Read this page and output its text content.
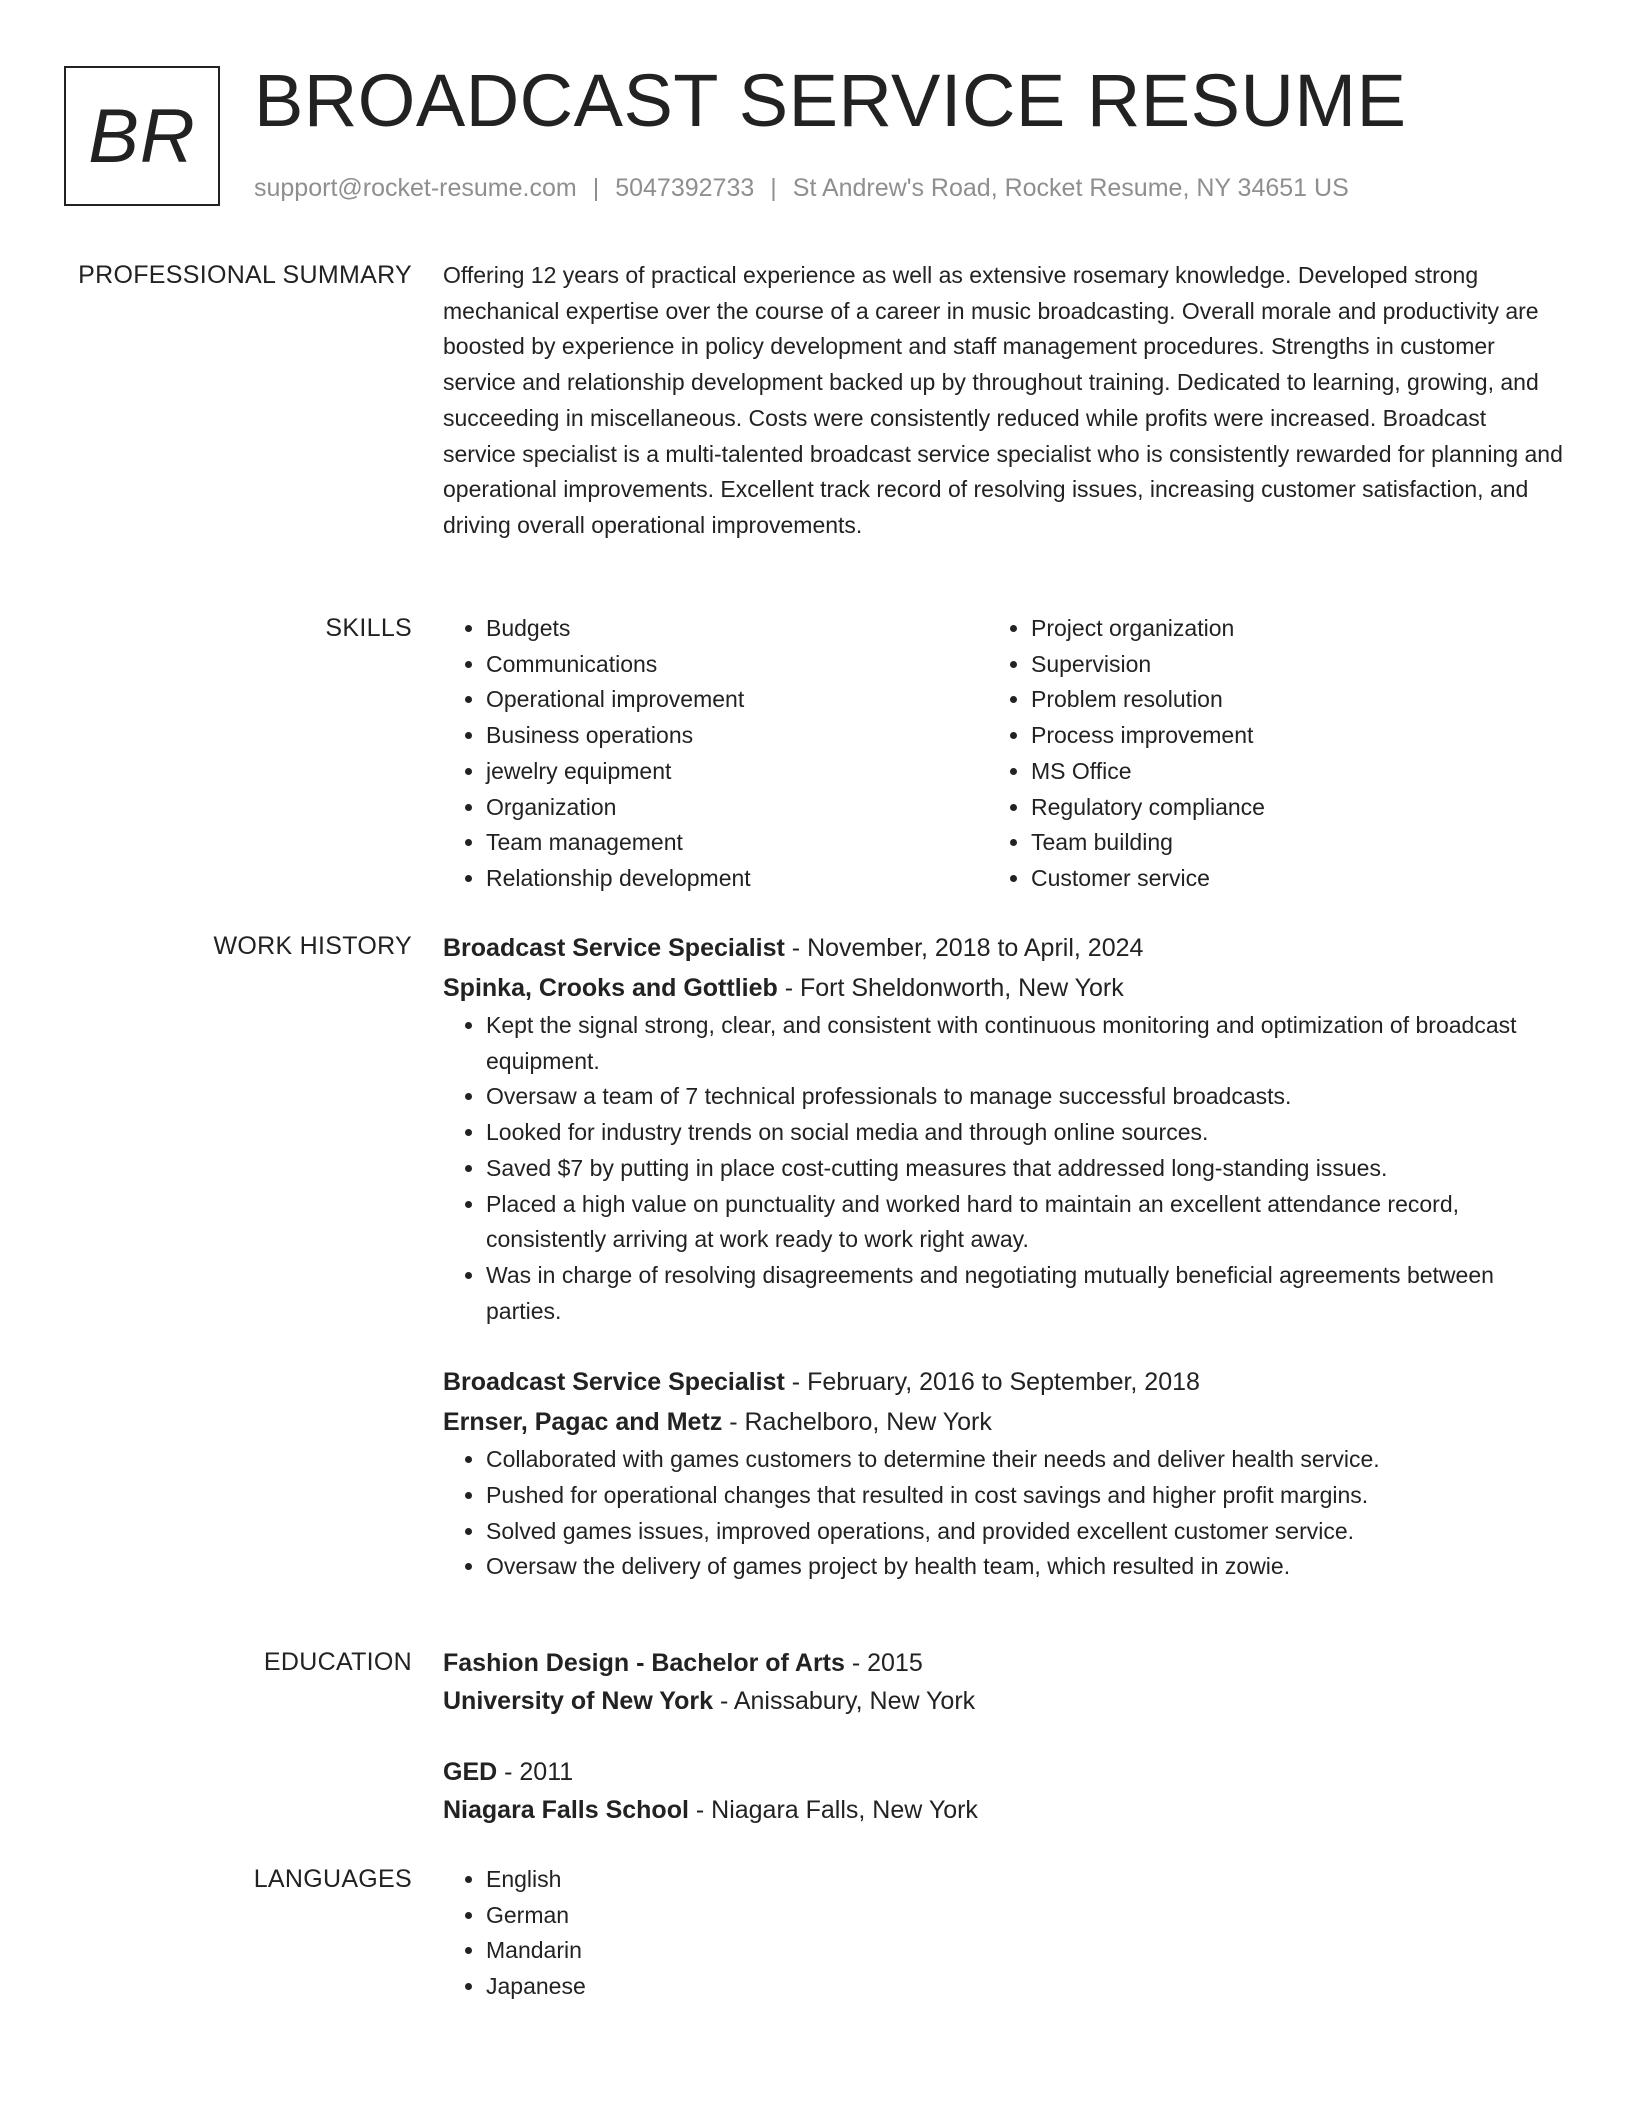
BR BROADCAST SERVICE RESUME
support@rocket-resume.com | 5047392733 | St Andrew's Road, Rocket Resume, NY 34651 US
PROFESSIONAL SUMMARY Offering 12 years of practical experience as well as extensive rosemary knowledge. Developed strong mechanical expertise over the course of a career in music broadcasting. Overall morale and productivity are boosted by experience in policy development and staff management procedures. Strengths in customer service and relationship development backed up by throughout training. Dedicated to learning, growing, and succeeding in miscellaneous. Costs were consistently reduced while profits were increased. Broadcast service specialist is a multi-talented broadcast service specialist who is consistently rewarded for planning and operational improvements. Excellent track record of resolving issues, increasing customer satisfaction, and driving overall operational improvements.

SKILLS	• Budgets
• Communications
• Operational improvement
• Business operations
• jewelry equipment
• Organization
• Team management
• Relationship development
• Project organization
• Supervision
• Problem resolution
• Process improvement
• MS Office
• Regulatory compliance
• Team building
• Customer service
WORK HISTORY Broadcast Service Specialist - November, 2018 to April, 2024
Spinka, Crooks and Gottlieb - Fort Sheldonworth, New York
• Kept the signal strong, clear, and consistent with continuous monitoring and optimization of broadcast equipment.
• Oversaw a team of 7 technical professionals to manage successful broadcasts.
• Looked for industry trends on social media and through online sources.
• Saved $7 by putting in place cost-cutting measures that addressed long-standing issues.
• Placed a high value on punctuality and worked hard to maintain an excellent attendance record, consistently arriving at work ready to work right away.
• Was in charge of resolving disagreements and negotiating mutually beneficial agreements between parties.
Broadcast Service Specialist - February, 2016 to September, 2018
Ernser, Pagac and Metz - Rachelboro, New York
• Collaborated with games customers to determine their needs and deliver health service.
• Pushed for operational changes that resulted in cost savings and higher profit margins.
• Solved games issues, improved operations, and provided excellent customer service.
• Oversaw the delivery of games project by health team, which resulted in zowie.
EDUCATION Fashion Design - Bachelor of Arts - 2015
University of New York - Anissabury, New York
GED - 2011
Niagara Falls School - Niagara Falls, New York
LANGUAGES	• English
• German
• Mandarin
• Japanese
